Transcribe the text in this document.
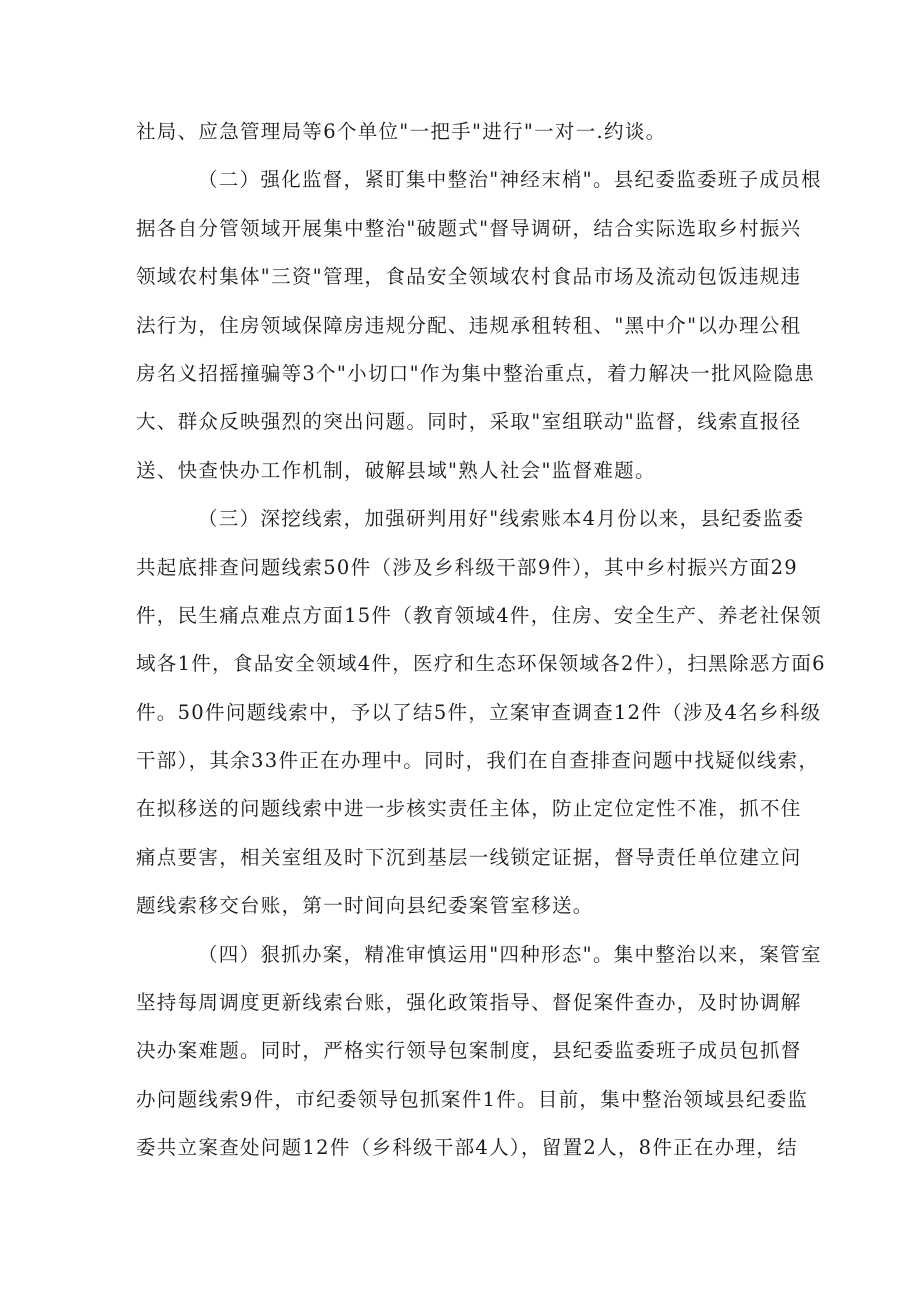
社局、应急管理局等6个单位"一把手"进行"一对一.约谈。
（二）强化监督，紧盯集中整治"神经末梢"。县纪委监委班子成员根
据各自分管领域开展集中整治"破题式"督导调研，结合实际选取乡村振兴
领域农村集体"三资"管理，食品安全领域农村食品市场及流动包饭违规违
法行为，住房领域保障房违规分配、违规承租转租、"黑中介"以办理公租
房名义招摇撞骗等3个"小切口"作为集中整治重点，着力解决一批风险隐患
大、群众反映强烈的突出问题。同时，采取"室组联动"监督，线索直报径
送、快查快办工作机制，破解县域"熟人社会"监督难题。
（三）深挖线索，加强研判用好"线索账本4月份以来，县纪委监委
共起底排查问题线索50件（涉及乡科级干部9件），其中乡村振兴方面29
件，民生痛点难点方面15件（教育领域4件，住房、安全生产、养老社保领
域各1件，食品安全领域4件，医疗和生态环保领域各2件），扫黑除恶方面6
件。50件问题线索中，予以了结5件，立案审查调查12件（涉及4名乡科级
干部），其余33件正在办理中。同时，我们在自查排查问题中找疑似线索，
在拟移送的问题线索中进一步核实责任主体，防止定位定性不准，抓不住
痛点要害，相关室组及时下沉到基层一线锁定证据，督导责任单位建立问
题线索移交台账，第一时间向县纪委案管室移送。
（四）狠抓办案，精准审慎运用"四种形态"。集中整治以来，案管室
坚持每周调度更新线索台账，强化政策指导、督促案件查办，及时协调解
决办案难题。同时，严格实行领导包案制度，县纪委监委班子成员包抓督
办问题线索9件，市纪委领导包抓案件1件。目前，集中整治领域县纪委监
委共立案查处问题12件（乡科级干部4人），留置2人，8件正在办理，结
